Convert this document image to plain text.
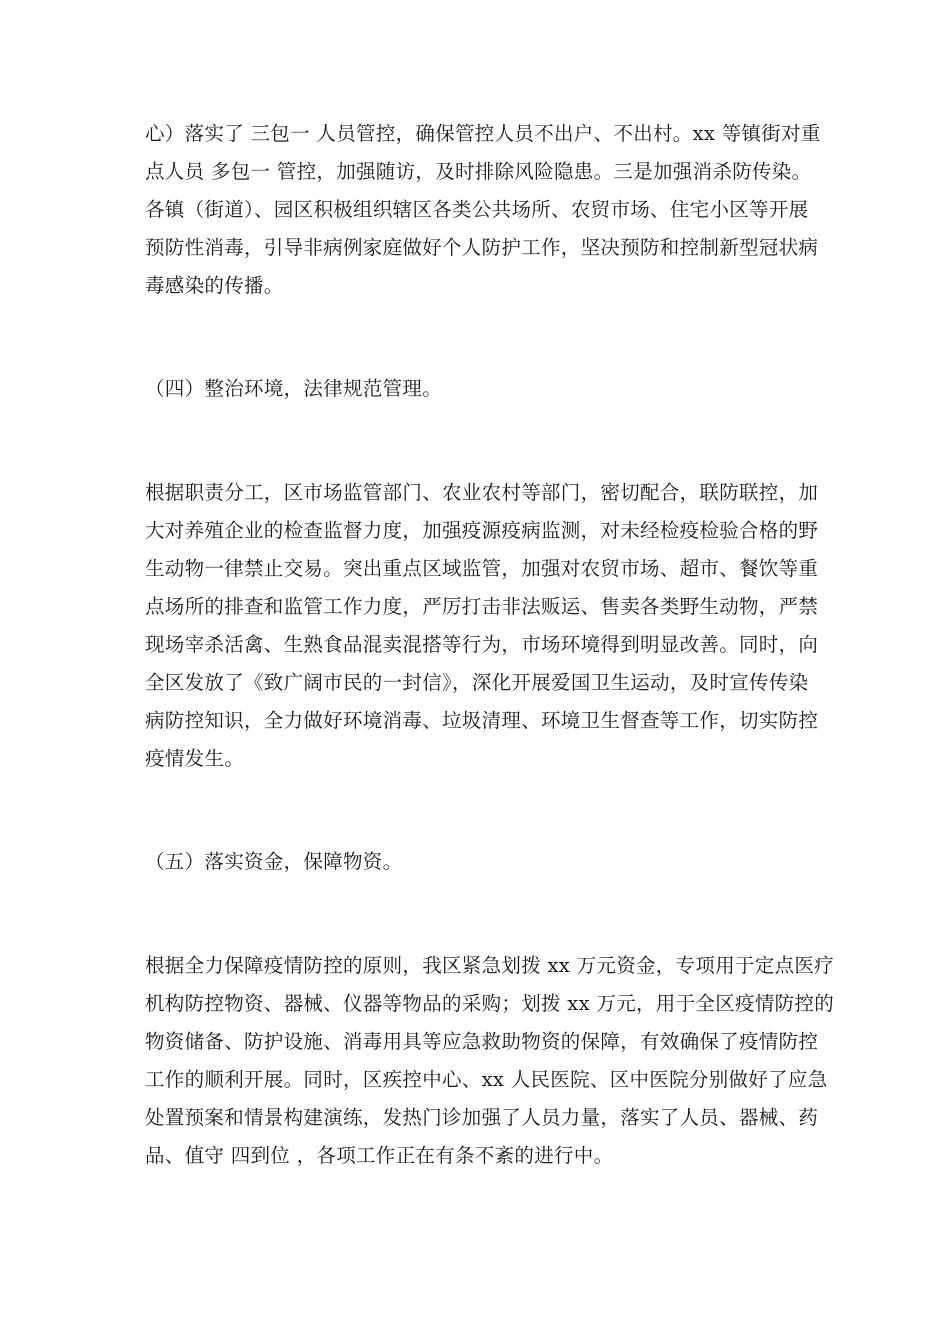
心）落实了 三包一 人员管控，确保管控人员不出户、不出村。xx 等镇街对重
点人员 多包一 管控，加强随访，及时排除风险隐患。三是加强消杀防传染。
各镇（街道）、园区积极组织辖区各类公共场所、农贸市场、住宅小区等开展
预防性消毒，引导非病例家庭做好个人防护工作，坚决预防和控制新型冠状病
毒感染的传播。
（四）整治环境，法律规范管理。
根据职责分工，区市场监管部门、农业农村等部门，密切配合，联防联控，加
大对养殖企业的检查监督力度，加强疫源疫病监测，对未经检疫检验合格的野
生动物一律禁止交易。突出重点区域监管，加强对农贸市场、超市、餐饮等重
点场所的排查和监管工作力度，严厉打击非法贩运、售卖各类野生动物，严禁
现场宰杀活禽、生熟食品混卖混搭等行为，市场环境得到明显改善。同时，向
全区发放了《致广阔市民的一封信》，深化开展爱国卫生运动，及时宣传传染
病防控知识，全力做好环境消毒、垃圾清理、环境卫生督查等工作，切实防控
疫情发生。
（五）落实资金，保障物资。
根据全力保障疫情防控的原则，我区紧急划拨 xx 万元资金，专项用于定点医疗
机构防控物资、器械、仪器等物品的采购；划拨 xx 万元，用于全区疫情防控的
物资储备、防护设施、消毒用具等应急救助物资的保障，有效确保了疫情防控
工作的顺利开展。同时，区疾控中心、xx 人民医院、区中医院分别做好了应急
处置预案和情景构建演练，发热门诊加强了人员力量，落实了人员、器械、药
品、值守 四到位 ，各项工作正在有条不紊的进行中。
